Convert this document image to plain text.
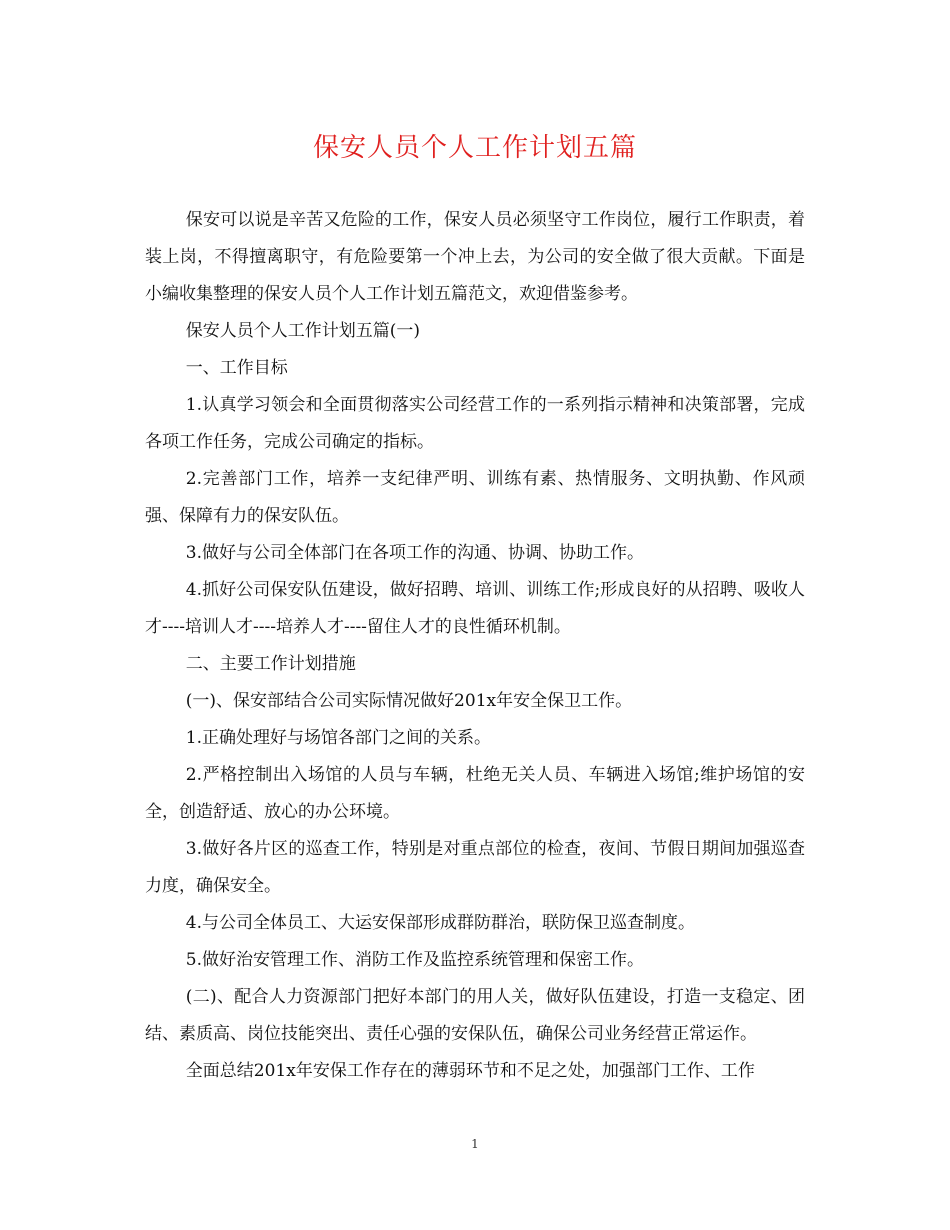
保安人员个人工作计划五篇

保安可以说是辛苦又危险的工作，保安人员必须坚守工作岗位，履行工作职责，着装上岗，不得擅离职守，有危险要第一个冲上去，为公司的安全做了很大贡献。下面是小编收集整理的保安人员个人工作计划五篇范文，欢迎借鉴参考。

保安人员个人工作计划五篇(一)

一、工作目标

1.认真学习领会和全面贯彻落实公司经营工作的一系列指示精神和决策部署，完成各项工作任务，完成公司确定的指标。

2.完善部门工作，培养一支纪律严明、训练有素、热情服务、文明执勤、作风顽强、保障有力的保安队伍。

3.做好与公司全体部门在各项工作的沟通、协调、协助工作。

4.抓好公司保安队伍建设，做好招聘、培训、训练工作;形成良好的从招聘、吸收人才----培训人才----培养人才----留住人才的良性循环机制。

二、主要工作计划措施

(一)、保安部结合公司实际情况做好201x年安全保卫工作。

1.正确处理好与场馆各部门之间的关系。

2.严格控制出入场馆的人员与车辆，杜绝无关人员、车辆进入场馆;维护场馆的安全，创造舒适、放心的办公环境。

3.做好各片区的巡查工作，特别是对重点部位的检查，夜间、节假日期间加强巡查力度，确保安全。

4.与公司全体员工、大运安保部形成群防群治，联防保卫巡查制度。

5.做好治安管理工作、消防工作及监控系统管理和保密工作。

(二)、配合人力资源部门把好本部门的用人关，做好队伍建设，打造一支稳定、团结、素质高、岗位技能突出、责任心强的安保队伍，确保公司业务经营正常运作。

全面总结201x年安保工作存在的薄弱环节和不足之处，加强部门工作、工作

1
